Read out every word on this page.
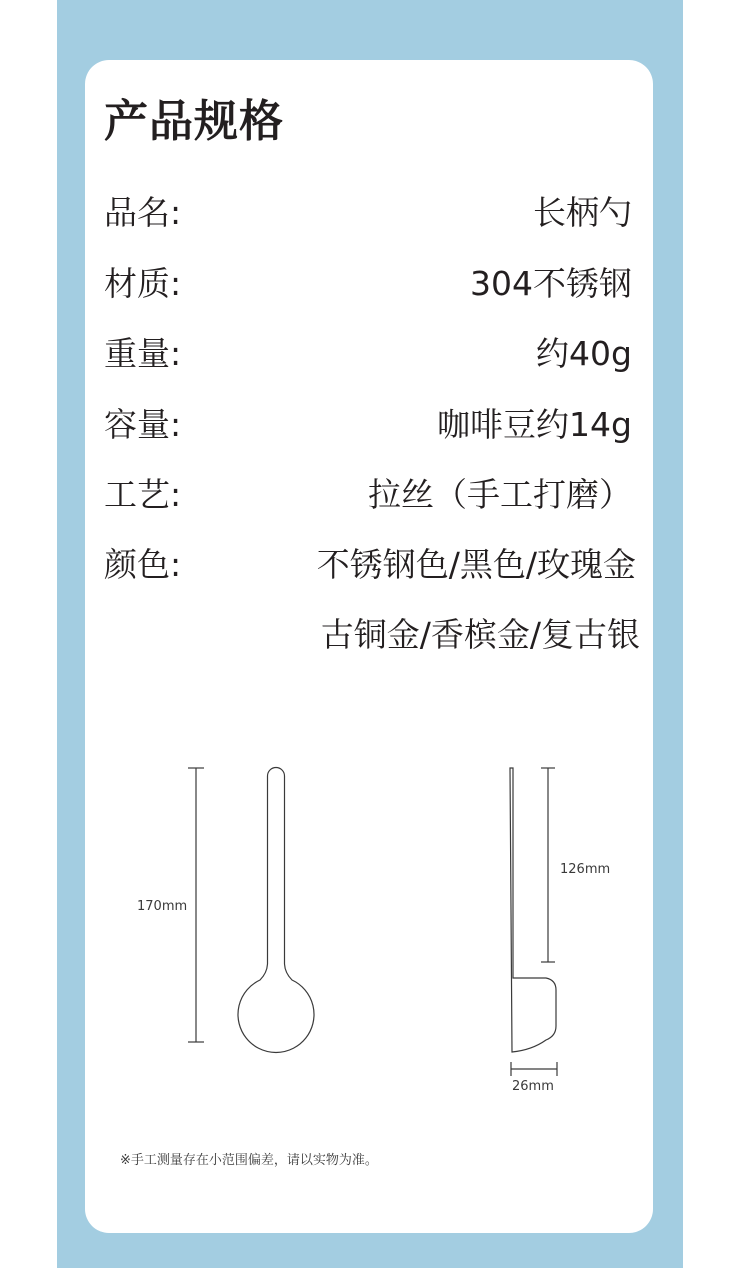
产品规格
品名:	长柄勺
材质:	304不锈钢
重量:	约40g
容量:	咖啡豆约14g
工艺:	拉丝（手工打磨）
颜色:	不锈钢色/黑色/玫瑰金
古铜金/香槟金/复古银
170mm
126mm
26mm
※手工测量存在小范围偏差，请以实物为准。
